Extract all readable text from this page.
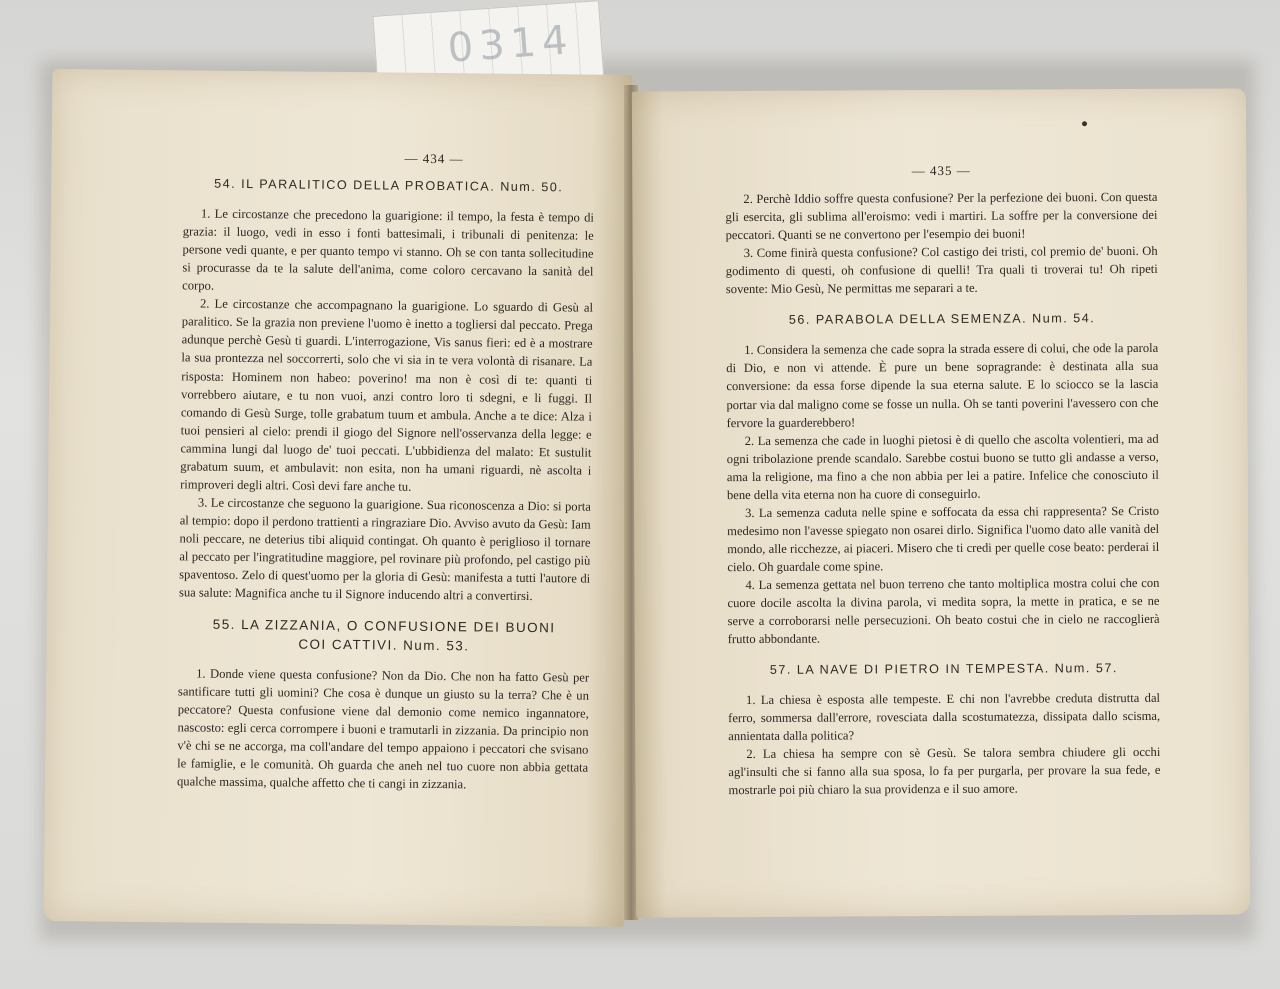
0314
— 434 —
54. IL PARALITICO DELLA PROBATICA. Num. 50.

1. Le circostanze che precedono la guarigione: il tempo, la festa è tempo di grazia: il luogo, vedi in esso i fonti battesimali, i tribunali di penitenza: le persone vedi quante, e per quanto tempo vi stanno. Oh se con tanta sollecitudine si procurasse da te la salute dell'anima, come coloro cercavano la sanità del corpo.

2. Le circostanze che accompagnano la guarigione. Lo sguardo di Gesù al paralitico. Se la grazia non previene l'uomo è inetto a togliersi dal peccato. Prega adunque perchè Gesù ti guardi. L'interrogazione, Vis sanus fieri: ed è a mostrare la sua prontezza nel soccorrerti, solo che vi sia in te vera volontà di risanare. La risposta: Hominem non habeo: poverino! ma non è così di te: quanti ti vorrebbero aiutare, e tu non vuoi, anzi contro loro ti sdegni, e li fuggi. Il comando di Gesù Surge, tolle grabatum tuum et ambula. Anche a te dice: Alza i tuoi pensieri al cielo: prendi il giogo del Signore nell'osservanza della legge: e cammina lungi dal luogo de' tuoi peccati. L'ubbidienza del malato: Et sustulit grabatum suum, et ambulavit: non esita, non ha umani riguardi, nè ascolta i rimproveri degli altri. Così devi fare anche tu.

3. Le circostanze che seguono la guarigione. Sua riconoscenza a Dio: si porta al tempio: dopo il perdono trattienti a ringraziare Dio. Avviso avuto da Gesù: Iam noli peccare, ne deterius tibi aliquid contingat. Oh quanto è periglioso il tornare al peccato per l'ingratitudine maggiore, pel rovinare più profondo, pel castigo più spaventoso. Zelo di quest'uomo per la gloria di Gesù: manifesta a tutti l'autore di sua salute: Magnifica anche tu il Signore inducendo altri a convertirsi.

55. LA ZIZZANIA, O CONFUSIONE DEI BUONI
COI CATTIVI. Num. 53.

1. Donde viene questa confusione? Non da Dio. Che non ha fatto Gesù per santificare tutti gli uomini? Che cosa è dunque un giusto su la terra? Che è un peccatore? Questa confusione viene dal demonio come nemico ingannatore, nascosto: egli cerca corrompere i buoni e tramutarli in zizzania. Da principio non v'è chi se ne accorga, ma coll'andare del tempo appaiono i peccatori che svisano le famiglie, e le comunità. Oh guarda che aneh nel tuo cuore non abbia gettata qualche massima, qualche affetto che ti cangi in zizzania.

— 435 —

2. Perchè Iddio soffre questa confusione? Per la perfezione dei buoni. Con questa gli esercita, gli sublima all'eroismo: vedi i martiri. La soffre per la conversione dei peccatori. Quanti se ne convertono per l'esempio dei buoni!

3. Come finirà questa confusione? Col castigo dei tristi, col premio de' buoni. Oh godimento di questi, oh confusione di quelli! Tra quali ti troverai tu! Oh ripeti sovente: Mio Gesù, Ne permittas me separari a te.

56. PARABOLA DELLA SEMENZA. Num. 54.

1. Considera la semenza che cade sopra la strada essere di colui, che ode la parola di Dio, e non vi attende. È pure un bene sopragrande: è destinata alla sua conversione: da essa forse dipende la sua eterna salute. E lo sciocco se la lascia portar via dal maligno come se fosse un nulla. Oh se tanti poverini l'avessero con che fervore la guarderebbero!

2. La semenza che cade in luoghi pietosi è di quello che ascolta volentieri, ma ad ogni tribolazione prende scandalo. Sarebbe costui buono se tutto gli andasse a verso, ama la religione, ma fino a che non abbia per lei a patire. Infelice che conosciuto il bene della vita eterna non ha cuore di conseguirlo.

3. La semenza caduta nelle spine e soffocata da essa chi rappresenta? Se Cristo medesimo non l'avesse spiegato non osarei dirlo. Significa l'uomo dato alle vanità del mondo, alle ricchezze, ai piaceri. Misero che ti credi per quelle cose beato: perderai il cielo. Oh guardale come spine.

4. La semenza gettata nel buon terreno che tanto moltiplica mostra colui che con cuore docile ascolta la divina parola, vi medita sopra, la mette in pratica, e se ne serve a corroborarsi nelle persecuzioni. Oh beato costui che in cielo ne raccoglierà frutto abbondante.

57. LA NAVE DI PIETRO IN TEMPESTA. Num. 57.

1. La chiesa è esposta alle tempeste. E chi non l'avrebbe creduta distrutta dal ferro, sommersa dall'errore, rovesciata dalla scostumatezza, dissipata dallo scisma, annientata dalla politica?

2. La chiesa ha sempre con sè Gesù. Se talora sembra chiudere gli occhi agl'insulti che si fanno alla sua sposa, lo fa per purgarla, per provare la sua fede, e mostrarle poi più chiaro la sua providenza e il suo amore.
